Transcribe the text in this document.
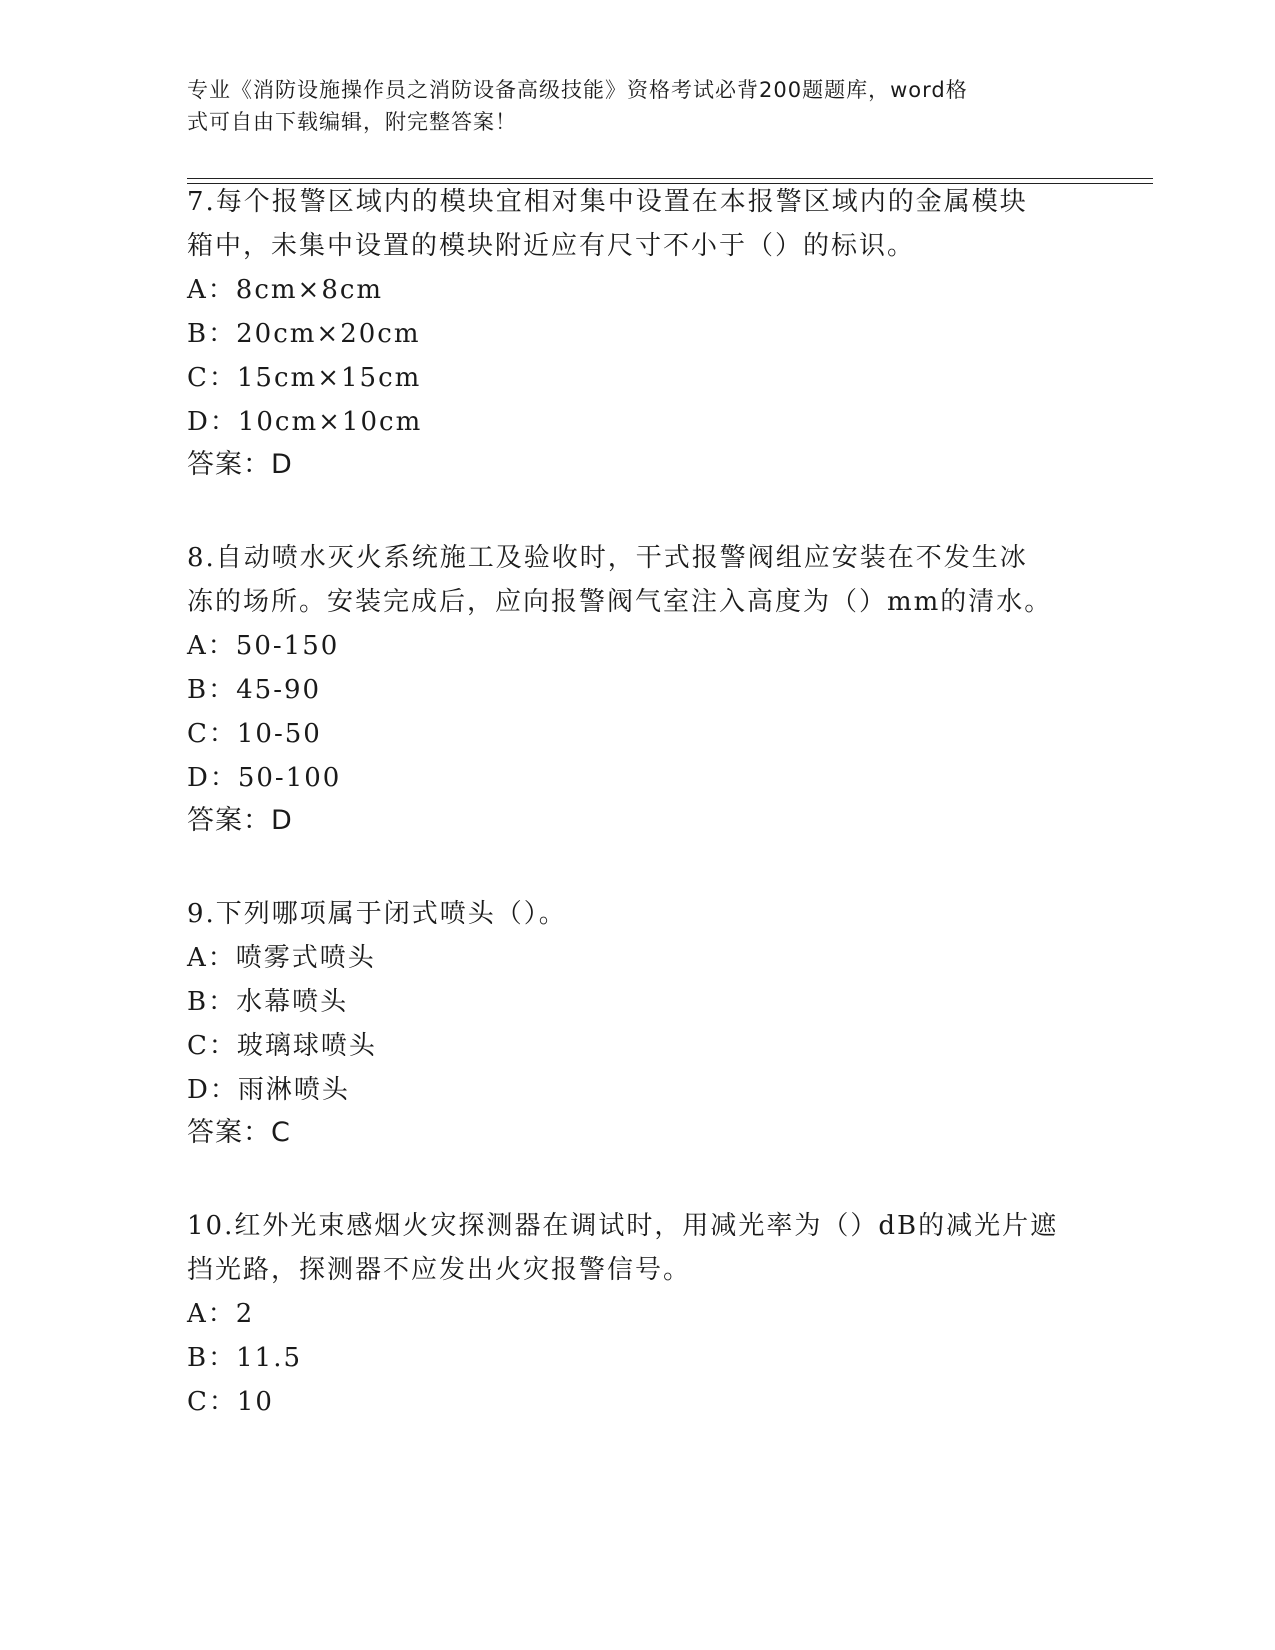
专业《消防设施操作员之消防设备高级技能》资格考试必背200题题库，word格
式可自由下载编辑，附完整答案！
7.每个报警区域内的模块宜相对集中设置在本报警区域内的金属模块
箱中，未集中设置的模块附近应有尺寸不小于（）的标识。
A：8cm×8cm
B：20cm×20cm
C：15cm×15cm
D：10cm×10cm
答案：D
8.自动喷水灭火系统施工及验收时，干式报警阀组应安装在不发生冰
冻的场所。安装完成后，应向报警阀气室注入高度为（）mm的清水。
A：50-150
B：45-90
C：10-50
D：50-100
答案：D
9.下列哪项属于闭式喷头（）。
A：喷雾式喷头
B：水幕喷头
C：玻璃球喷头
D：雨淋喷头
答案：C
10.红外光束感烟火灾探测器在调试时，用减光率为（）dB的减光片遮
挡光路，探测器不应发出火灾报警信号。
A：2
B：11.5
C：10
